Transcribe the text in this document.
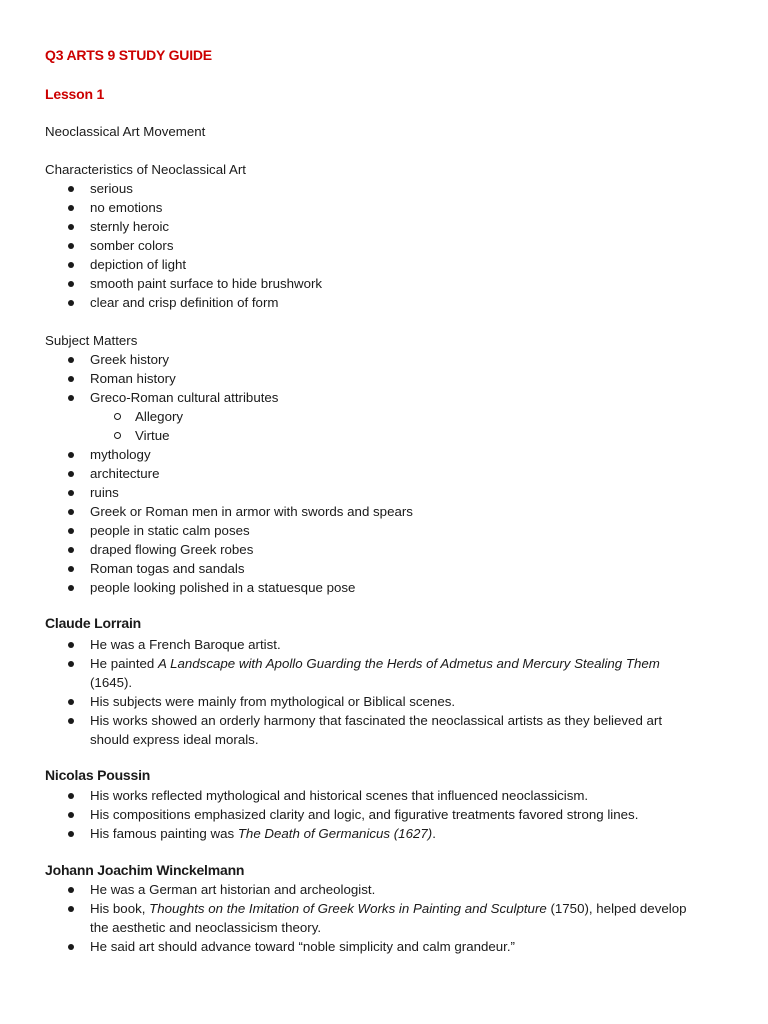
Q3 ARTS 9 STUDY GUIDE
Lesson 1
Neoclassical Art Movement
Characteristics of Neoclassical Art
serious
no emotions
sternly heroic
somber colors
depiction of light
smooth paint surface to hide brushwork
clear and crisp definition of form
Subject Matters
Greek history
Roman history
Greco-Roman cultural attributes
Allegory
Virtue
mythology
architecture
ruins
Greek or Roman men in armor with swords and spears
people in static calm poses
draped flowing Greek robes
Roman togas and sandals
people looking polished in a statuesque pose
Claude Lorrain
He was a French Baroque artist.
He painted A Landscape with Apollo Guarding the Herds of Admetus and Mercury Stealing Them
(1645).
His subjects were mainly from mythological or Biblical scenes.
His works showed an orderly harmony that fascinated the neoclassical artists as they believed art
should express ideal morals.
Nicolas Poussin
His works reflected mythological and historical scenes that influenced neoclassicism.
His compositions emphasized clarity and logic, and figurative treatments favored strong lines.
His famous painting was The Death of Germanicus (1627).
Johann Joachim Winckelmann
He was a German art historian and archeologist.
His book, Thoughts on the Imitation of Greek Works in Painting and Sculpture (1750), helped develop
the aesthetic and neoclassicism theory.
He said art should advance toward “noble simplicity and calm grandeur.”
